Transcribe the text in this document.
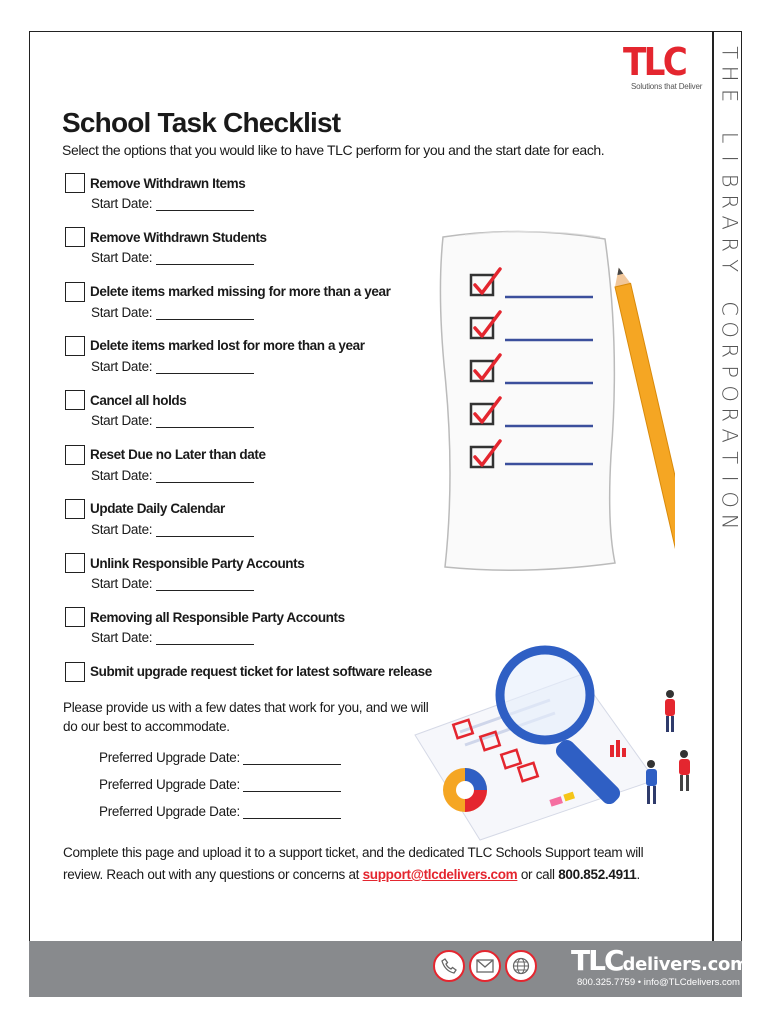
T
H
E

L
I
B
R
A
R
Y

C
O
R
P
O
R
A
T
I
O
N
TLC
Solutions that Deliver
School Task Checklist
Select the options that you would like to have TLC perform for you and the start date for each.
Remove Withdrawn Items
Start Date:
Remove Withdrawn Students
Start Date:
Delete items marked missing for more than a year
Start Date:
Delete items marked lost for more than a year
Start Date:
Cancel all holds
Start Date:
Reset Due no Later than date
Start Date:
Update Daily Calendar
Start Date:
Unlink Responsible Party Accounts
Start Date:
Removing all Responsible Party Accounts
Start Date:
Submit upgrade request ticket for latest software release
Please provide us with a few dates that work for you, and we will do our best to accommodate.
Preferred Upgrade Date:
Preferred Upgrade Date:
Preferred Upgrade Date:
Complete this page and upload it to a support ticket, and the dedicated TLC Schools Support team will review. Reach out with any questions or concerns at support@tlcdelivers.com or call 800.852.4911.
TLCdelivers.com
800.325.7759 • info@TLCdelivers.com
